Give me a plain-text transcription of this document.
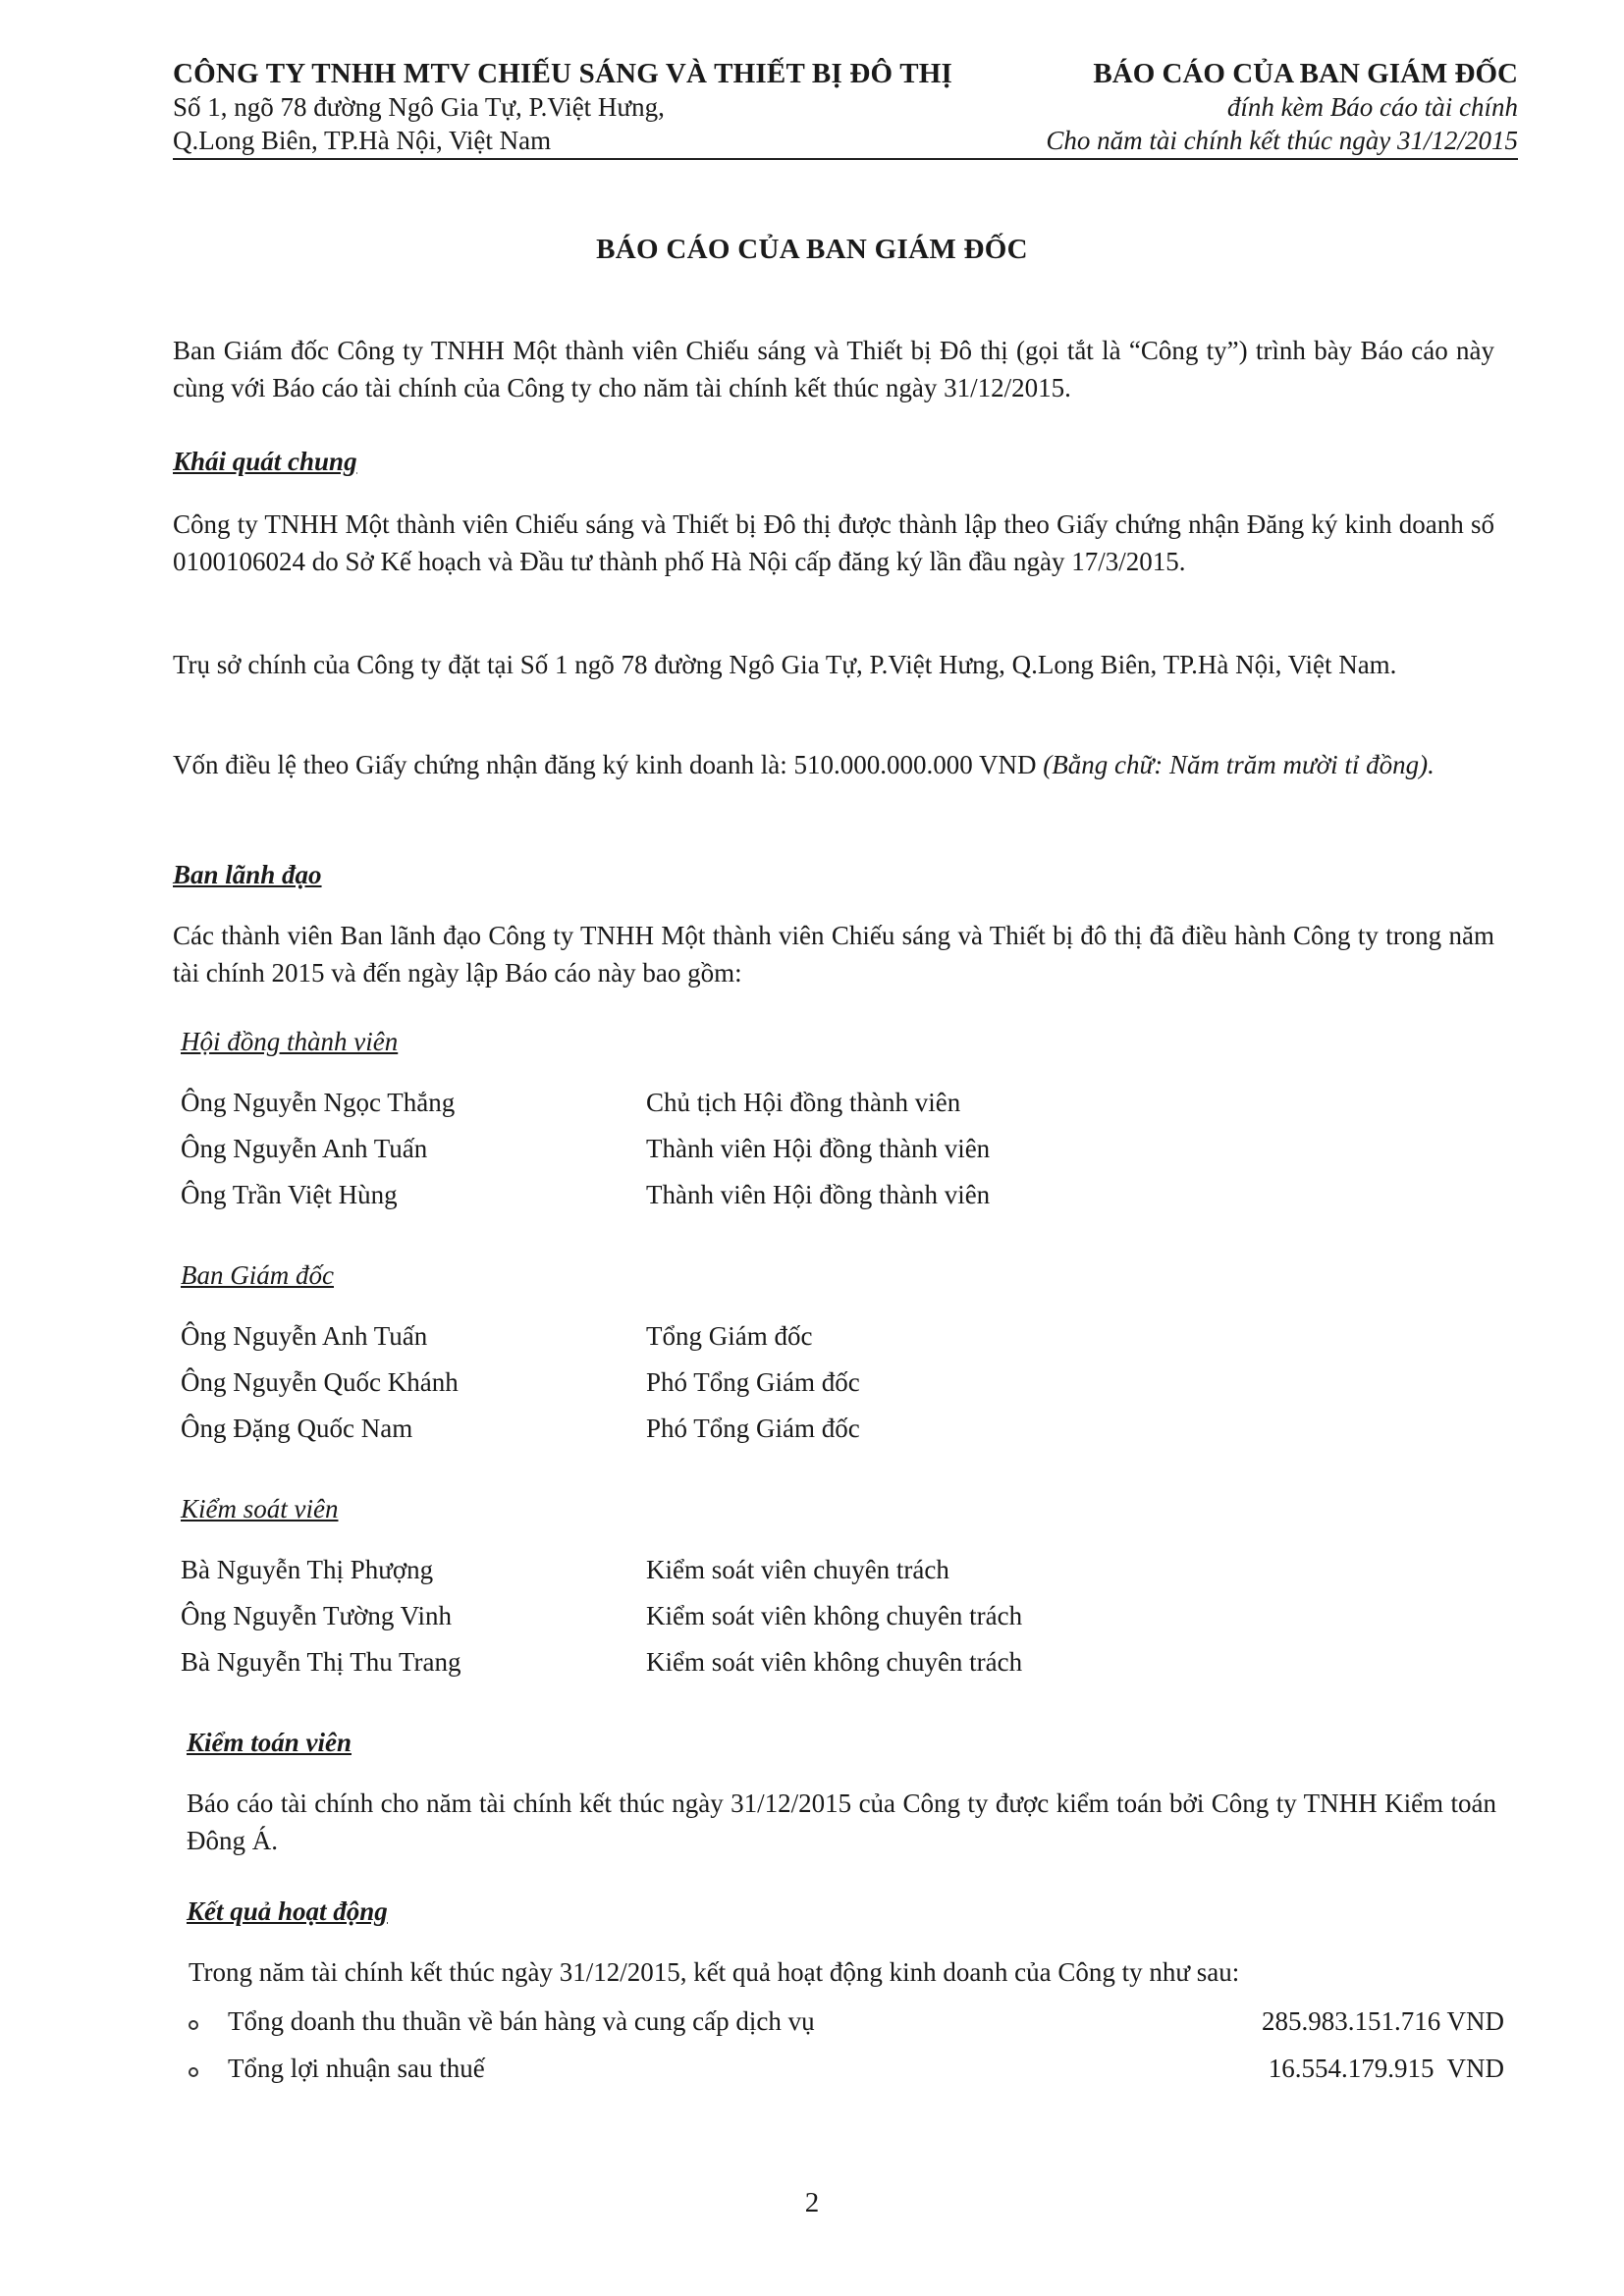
CÔNG TY TNHH MTV CHIẾU SÁNG VÀ THIẾT BỊ ĐÔ THỊ
Số 1, ngõ 78 đường Ngô Gia Tự, P.Việt Hưng,
Q.Long Biên, TP.Hà Nội, Việt Nam
BÁO CÁO CỦA BAN GIÁM ĐỐC
đính kèm Báo cáo tài chính
Cho năm tài chính kết thúc ngày 31/12/2015
BÁO CÁO CỦA BAN GIÁM ĐỐC
Ban Giám đốc Công ty TNHH Một thành viên Chiếu sáng và Thiết bị Đô thị (gọi tắt là “Công ty”) trình bày Báo cáo này cùng với Báo cáo tài chính của Công ty cho năm tài chính kết thúc ngày 31/12/2015.
Khái quát chung
Công ty TNHH Một thành viên Chiếu sáng và Thiết bị Đô thị được thành lập theo Giấy chứng nhận Đăng ký kinh doanh số 0100106024 do Sở Kế hoạch và Đầu tư thành phố Hà Nội cấp đăng ký lần đầu ngày 17/3/2015.
Trụ sở chính của Công ty đặt tại Số 1 ngõ 78 đường Ngô Gia Tự, P.Việt Hưng, Q.Long Biên, TP.Hà Nội, Việt Nam.
Vốn điều lệ theo Giấy chứng nhận đăng ký kinh doanh là: 510.000.000.000 VND (Bằng chữ: Năm trăm mười tỉ đồng).
Ban lãnh đạo
Các thành viên Ban lãnh đạo Công ty TNHH Một thành viên Chiếu sáng và Thiết bị đô thị đã điều hành Công ty trong năm tài chính 2015 và đến ngày lập Báo cáo này bao gồm:
Hội đồng thành viên
Ông Nguyễn Ngọc Thắng	Chủ tịch Hội đồng thành viên
Ông Nguyễn Anh Tuấn	Thành viên Hội đồng thành viên
Ông Trần Việt Hùng	Thành viên Hội đồng thành viên
Ban Giám đốc
Ông Nguyễn Anh Tuấn	Tổng Giám đốc
Ông Nguyễn Quốc Khánh	Phó Tổng Giám đốc
Ông Đặng Quốc Nam	Phó Tổng Giám đốc
Kiểm soát viên
Bà Nguyễn Thị Phượng	Kiểm soát viên chuyên trách
Ông Nguyễn Tường Vinh	Kiểm soát viên không chuyên trách
Bà Nguyễn Thị Thu Trang	Kiểm soát viên không chuyên trách
Kiểm toán viên
Báo cáo tài chính cho năm tài chính kết thúc ngày 31/12/2015 của Công ty được kiểm toán bởi Công ty TNHH Kiểm toán Đông Á.
Kết quả hoạt động
Trong năm tài chính kết thúc ngày 31/12/2015, kết quả hoạt động kinh doanh của Công ty như sau:
Tổng doanh thu thuần về bán hàng và cung cấp dịch vụ	285.983.151.716 VND
Tổng lợi nhuận sau thuế	16.554.179.915  VND
2
